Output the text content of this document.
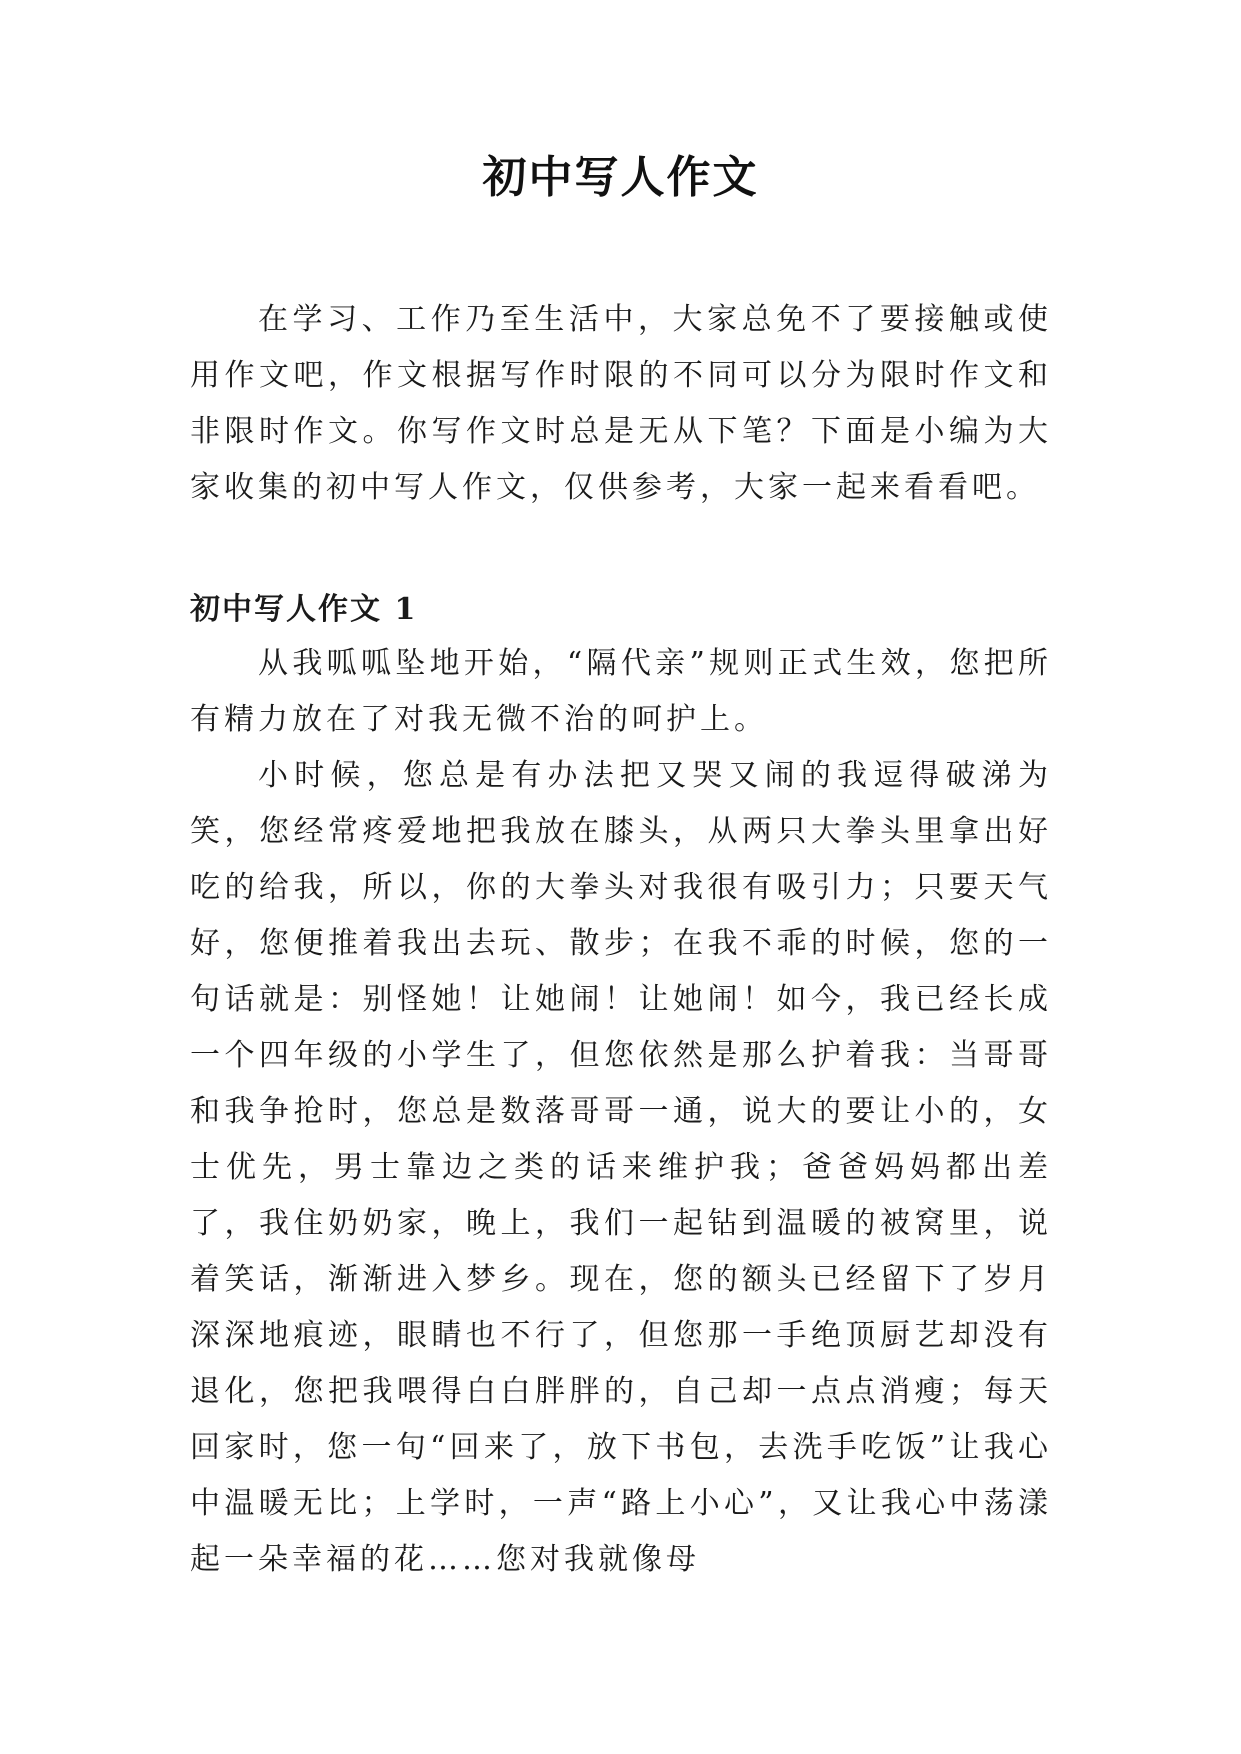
初中写人作文

在学习、工作乃至生活中，大家总免不了要接触或使用作文吧，作文根据写作时限的不同可以分为限时作文和非限时作文。你写作文时总是无从下笔？下面是小编为大家收集的初中写人作文，仅供参考，大家一起来看看吧。

初中写人作文 1

从我呱呱坠地开始，“隔代亲”规则正式生效，您把所有精力放在了对我无微不治的呵护上。

小时候，您总是有办法把又哭又闹的我逗得破涕为笑，您经常疼爱地把我放在膝头，从两只大拳头里拿出好吃的给我，所以，你的大拳头对我很有吸引力；只要天气好，您便推着我出去玩、散步；在我不乖的时候，您的一句话就是：别怪她！让她闹！让她闹！如今，我已经长成一个四年级的小学生了，但您依然是那么护着我：当哥哥和我争抢时，您总是数落哥哥一通，说大的要让小的，女士优先，男士靠边之类的话来维护我；爸爸妈妈都出差了，我住奶奶家，晚上，我们一起钻到温暖的被窝里，说着笑话，渐渐进入梦乡。现在，您的额头已经留下了岁月深深地痕迹，眼睛也不行了，但您那一手绝顶厨艺却没有退化，您把我喂得白白胖胖的，自己却一点点消瘦；每天回家时，您一句“回来了，放下书包，去洗手吃饭”让我心中温暖无比；上学时，一声“路上小心”，又让我心中荡漾起一朵幸福的花……您对我就像母
